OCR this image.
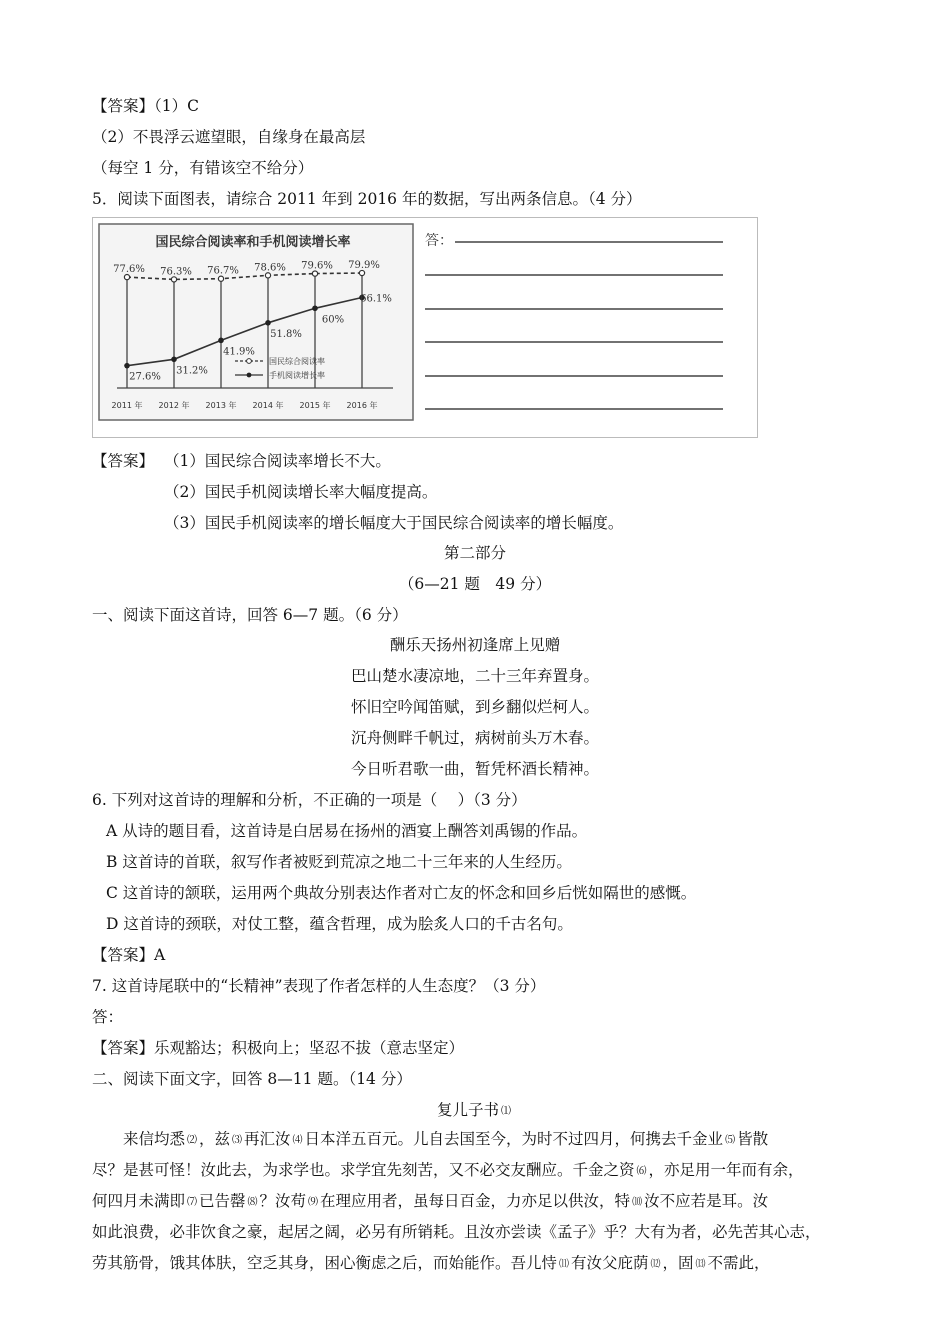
【答案】（1）C
（2）不畏浮云遮望眼，自缘身在最高层
（每空 1 分，有错该空不给分）
5．阅读下面图表，请综合 2011 年到 2016 年的数据，写出两条信息。（4 分）
国民综合阅读率和手机阅读增长率
2011 年 2012 年 2013 年 2014 年 2015 年 2016 年
77.6% 76.3% 76.7% 78.6% 79.6% 79.9%
27.6%
31.2%
41.9%
51.8%
60%
66.1%
国民综合阅读率
手机阅读增长率
答：
【答案】 （1）国民综合阅读率增长不大。
（2）国民手机阅读增长率大幅度提高。
（3）国民手机阅读率的增长幅度大于国民综合阅读率的增长幅度。
第二部分
（6—21 题　49 分）
一、阅读下面这首诗，回答 6—7 题。（6 分）
酬乐天扬州初逢席上见赠
巴山楚水凄凉地，二十三年弃置身。
怀旧空吟闻笛赋，到乡翻似烂柯人。
沉舟侧畔千帆过，病树前头万木春。
今日听君歌一曲，暂凭杯酒长精神。
6. 下列对这首诗的理解和分析，不正确的一项是（　 ）（3 分）
A 从诗的题目看，这首诗是白居易在扬州的酒宴上酬答刘禹锡的作品。
B 这首诗的首联，叙写作者被贬到荒凉之地二十三年来的人生经历。
C 这首诗的颔联，运用两个典故分别表达作者对亡友的怀念和回乡后恍如隔世的感慨。
D 这首诗的颈联，对仗工整，蕴含哲理，成为脍炙人口的千古名句。
【答案】A
7. 这首诗尾联中的“长精神”表现了作者怎样的人生态度？（3 分）
答：
【答案】乐观豁达；积极向上；坚忍不拔（意志坚定）
二、阅读下面文字，回答 8—11 题。（14 分）
复儿子书 ⑴
来信均悉 ⑵ ，兹 ⑶ 再汇汝 ⑷ 日本洋五百元。儿自去国至今，为时不过四月，何携去千金业 ⑸ 皆散
尽？是甚可怪！汝此去，为求学也。求学宜先刻苦，又不必交友酬应。千金之资 ⑹ ，亦足用一年而有余，
何四月未满即 ⑺ 已告罄 ⑻ ？汝苟 ⑼ 在理应用者，虽每日百金，力亦足以供汝，特 ⑽ 汝不应若是耳。汝
如此浪费，必非饮食之豪，起居之阔，必另有所销耗。且汝亦尝读《孟子》乎？大有为者，必先苦其心志，
劳其筋骨，饿其体肤，空乏其身，困心衡虑之后，而始能作。吾儿恃 ⑾ 有汝父庇荫 ⑿ ，固 ⒀ 不需此，
